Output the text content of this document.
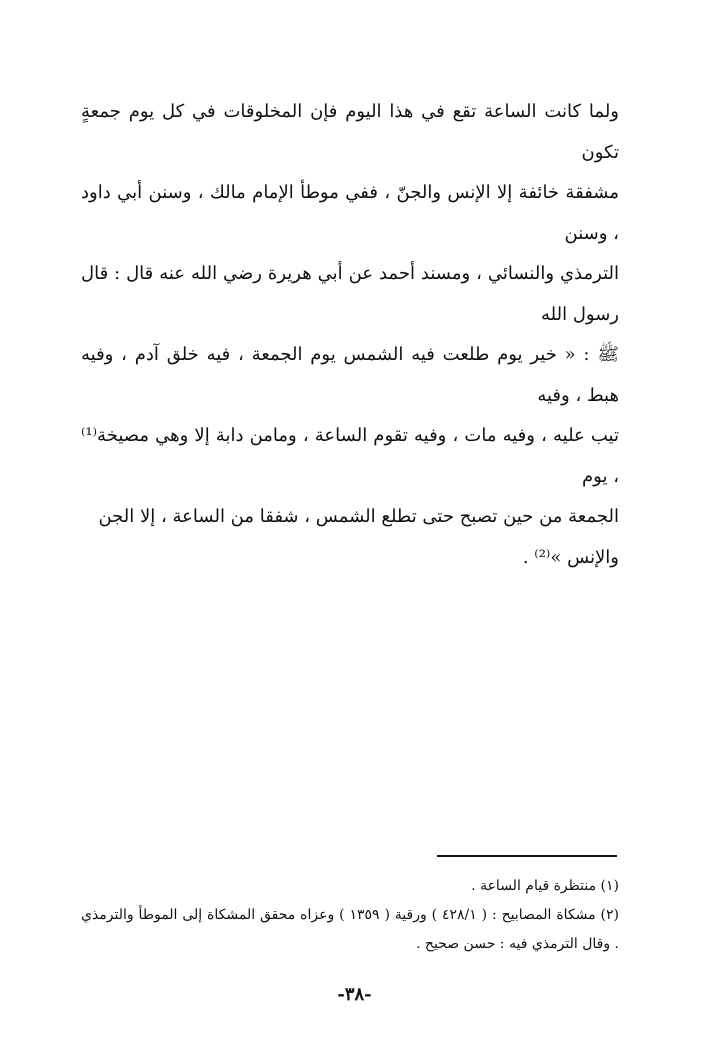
ولما كانت الساعة تقع في هذا اليوم فإن المخلوقات في كل يوم جمعةٍ تكون

مشفقة خائفة إلا الإنس والجنّ ، ففي موطأ الإمام مالك ، وسنن أبي داود ، وسنن

الترمذي والنسائي ، ومسند أحمد عن أبي هريرة رضي الله عنه قال : قال رسول الله

ﷺ : « خير يوم طلعت فيه الشمس يوم الجمعة ، فيه خلق آدم ، وفيه هبط ، وفيه

تيب عليه ، وفيه مات ، وفيه تقوم الساعة ، ومامن دابة إلا وهي مصيخة⁽¹⁾ ، يوم

الجمعة من حين تصبح حتى تطلع الشمس ، شفقا من الساعة ، إلا الجن

والإنس »⁽²⁾ .

(١) منتظرة قيام الساعة .

(٢) مشكاة المصابيح : ( ٤٢٨/١ ) ورقية ( ١٣٥٩ ) وعزاه محقق المشكاة إلى الموطأ والترمذي . وقال الترمذي فيه : حسن صحيح .

-٣٨-
